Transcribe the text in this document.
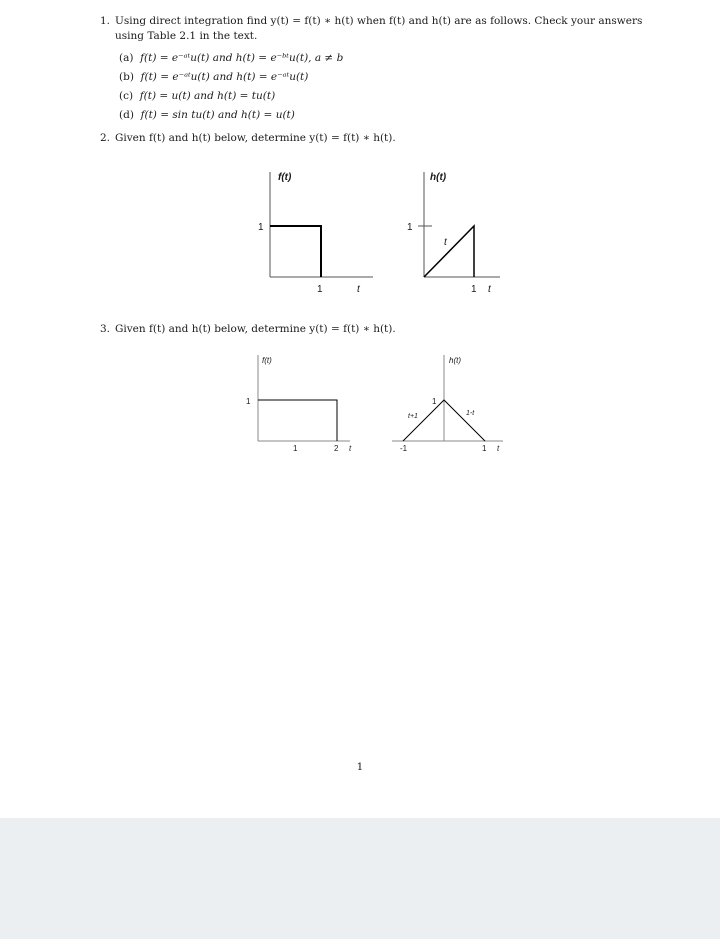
1. Using direct integration find y(t) = f(t) ∗ h(t) when f(t) and h(t) are as follows. Check your answers
using Table 2.1 in the text.
(a) f(t) = e⁻ᵃᵗu(t) and h(t) = e⁻ᵇᵗu(t), a ≠ b
(b) f(t) = e⁻ᵃᵗu(t) and h(t) = e⁻ᵃᵗu(t)
(c) f(t) = u(t) and h(t) = tu(t)
(d) f(t) = sin tu(t) and h(t) = u(t)
2. Given f(t) and h(t) below, determine y(t) = f(t) ∗ h(t).
f(t)
1
1	t
h(t)
1
t
1 t
f(t)
1
1	2 t
h(t)
1
t+1	1-t
-1	1 t
3. Given f(t) and h(t) below, determine y(t) = f(t) ∗ h(t).
1
